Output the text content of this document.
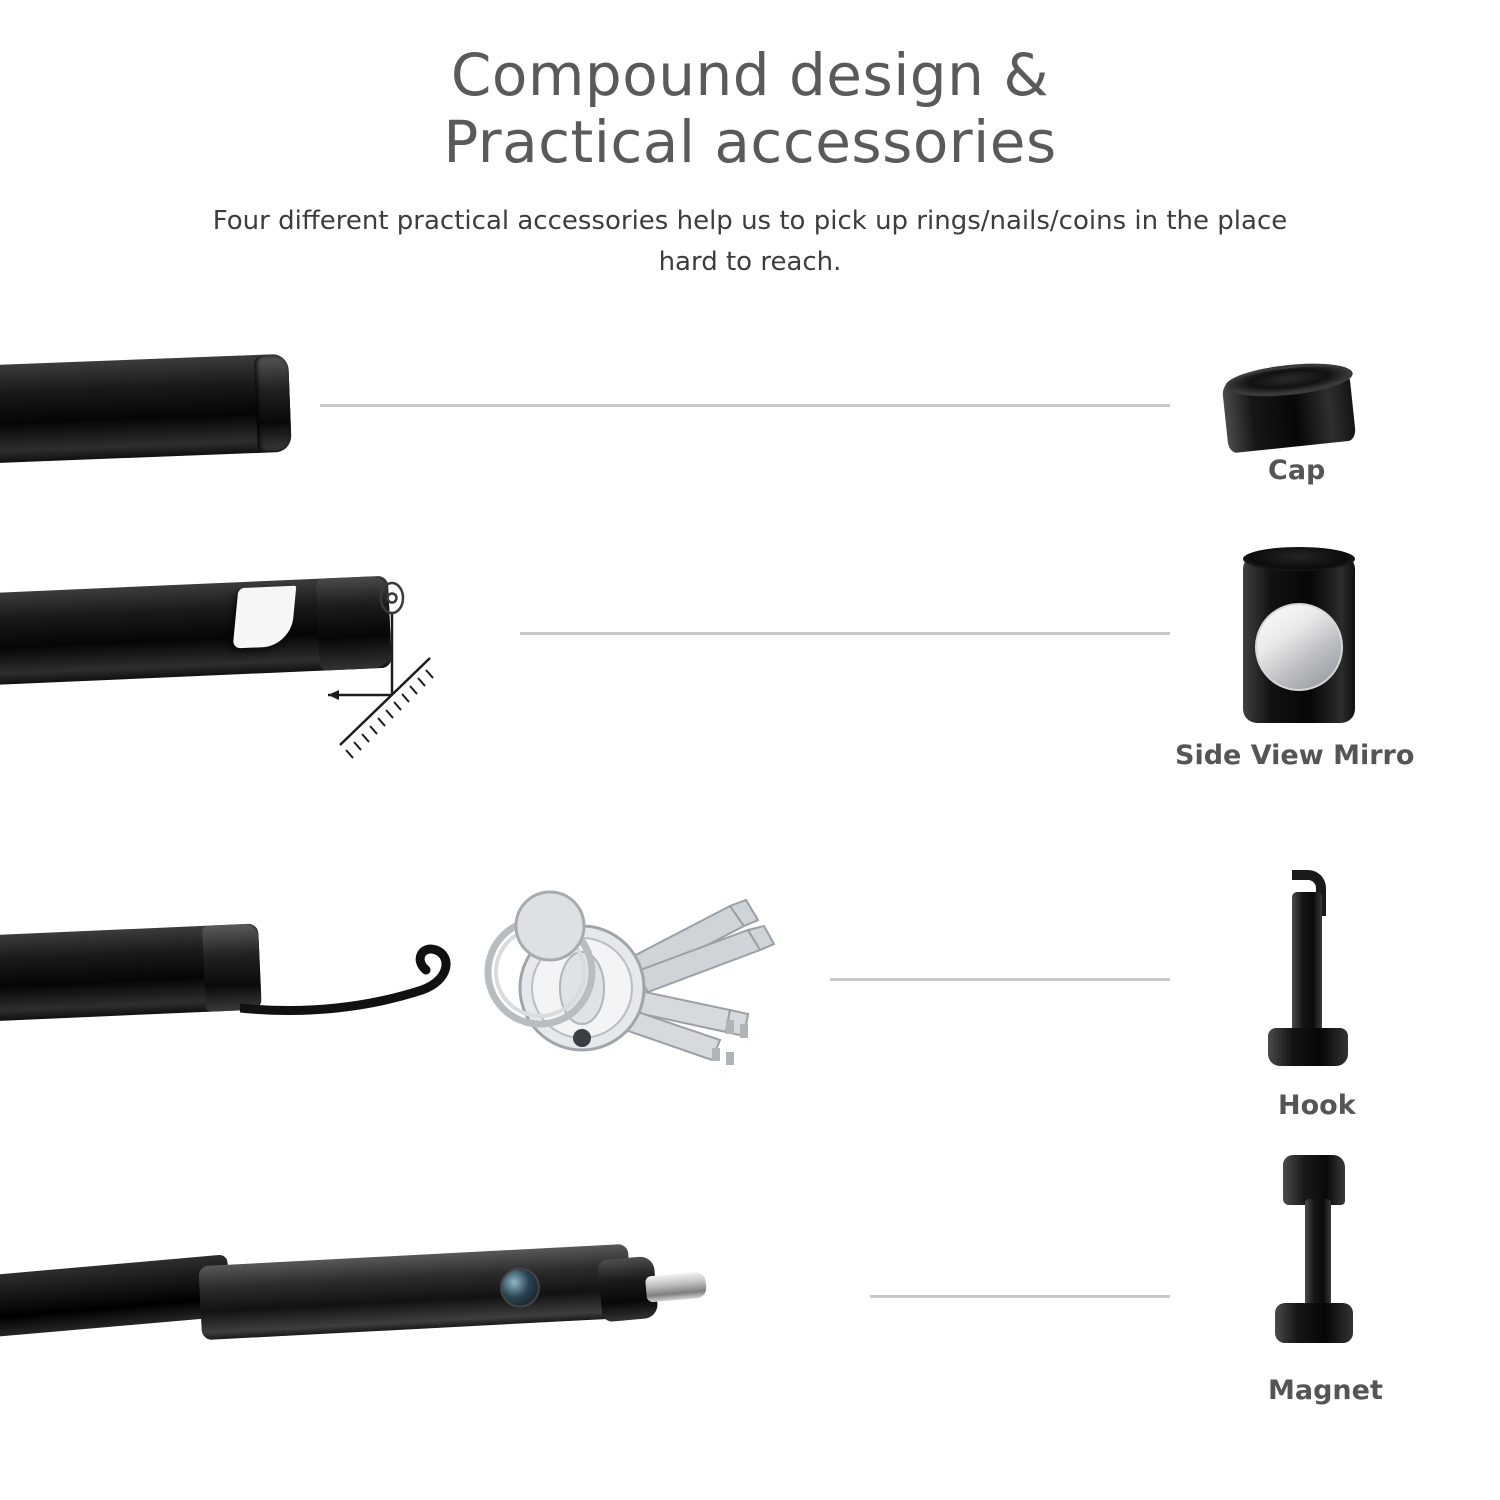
Compound design &
Practical accessories
Four different practical accessories help us to pick up rings/nails/coins in the place hard to reach.
Cap
Side View Mirro
Hook
Magnet
